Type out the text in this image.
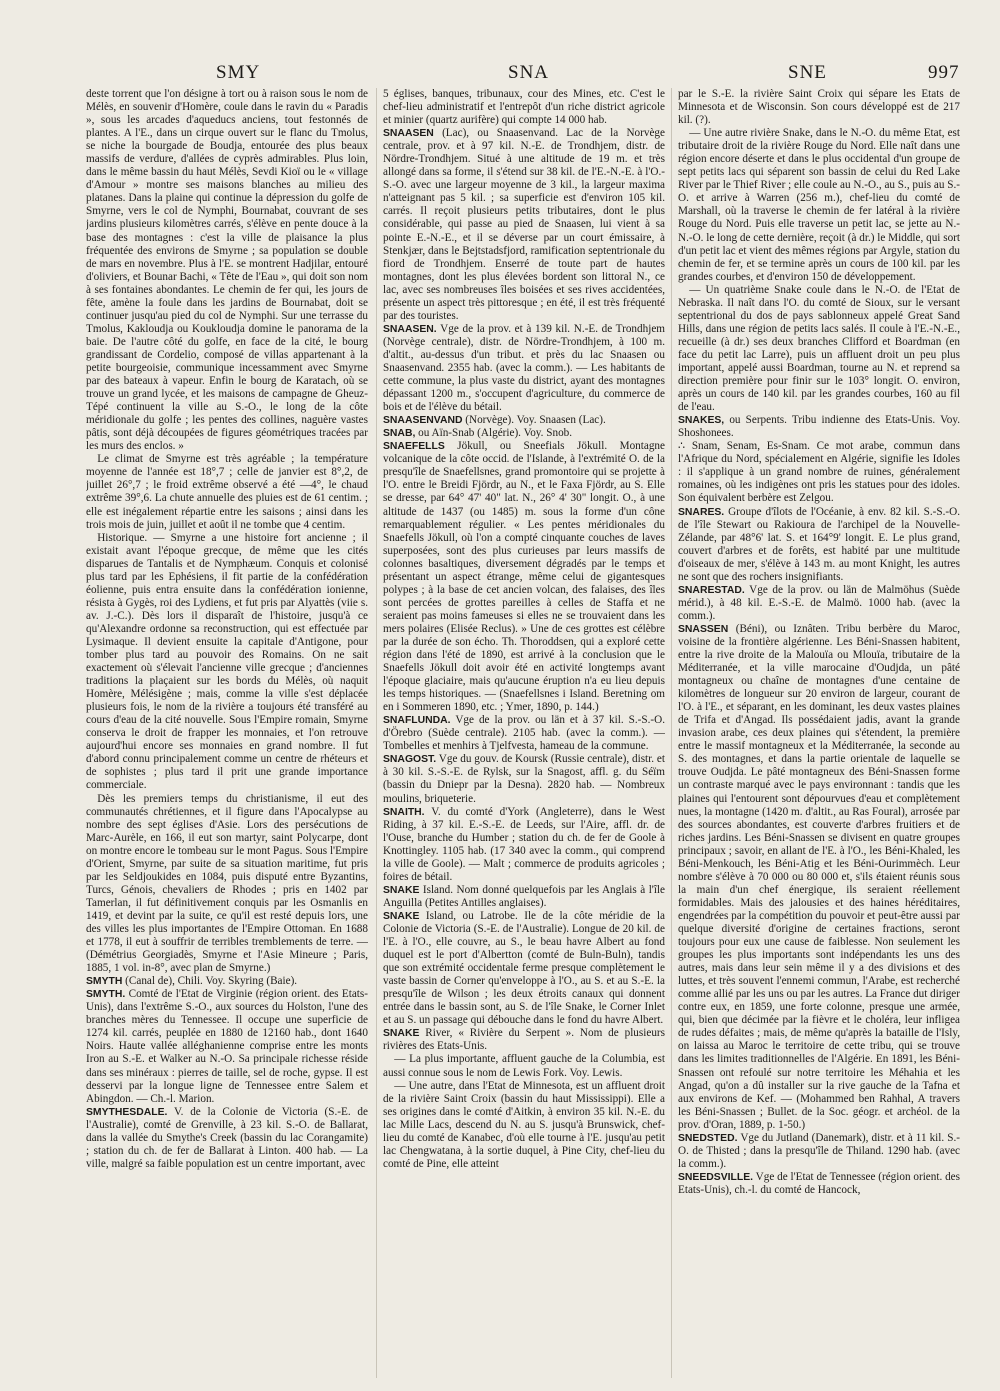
SMY	SNA	SNE	997

deste torrent que l'on désigne à tort ou à raison sous le nom de Mélès, en souvenir d'Homère, coule dans le ravin du « Paradis », sous les arcades d'aqueducs anciens, tout festonnés de plantes. A l'E., dans un cirque ouvert sur le flanc du Tmolus, se niche la bourgade de Boudja, entourée des plus beaux massifs de verdure, d'allées de cyprès admirables. Plus loin, dans le même bassin du haut Mélès, Sevdi Kioï ou le « village d'Amour » montre ses maisons blanches au milieu des platanes. Dans la plaine qui continue la dépression du golfe de Smyrne, vers le col de Nymphi, Bournabat, couvrant de ses jardins plusieurs kilomètres carrés, s'élève en pente douce à la base des montagnes : c'est la ville de plaisance la plus fréquentée des environs de Smyrne ; sa population se double de mars en novembre. Plus à l'E. se montrent Hadjilar, entouré d'oliviers, et Bounar Bachi, « Tête de l'Eau », qui doit son nom à ses fontaines abondantes. Le chemin de fer qui, les jours de fête, amène la foule dans les jardins de Bournabat, doit se continuer jusqu'au pied du col de Nymphi. Sur une terrasse du Tmolus, Kakloudja ou Koukloudja domine le panorama de la baie. De l'autre côté du golfe, en face de la cité, le bourg grandissant de Cordelio, composé de villas appartenant à la petite bourgeoisie, communique incessamment avec Smyrne par des bateaux à vapeur. Enfin le bourg de Karatach, où se trouve un grand lycée, et les maisons de campagne de Gheuz-Tépé continuent la ville au S.-O., le long de la côte méridionale du golfe ; les pentes des collines, naguère vastes pâtis, sont déjà découpées de figures géométriques tracées par les murs des enclos. »

Le climat de Smyrne est très agréable ; la température moyenne de l'année est 18°,7 ; celle de janvier est 8°,2, de juillet 26°,7 ; le froid extrême observé a été —4°, le chaud extrême 39°,6. La chute annuelle des pluies est de 61 centim. ; elle est inégalement répartie entre les saisons ; ainsi dans les trois mois de juin, juillet et août il ne tombe que 4 centim.

Historique. — Smyrne a une histoire fort ancienne ; il existait avant l'époque grecque, de même que les cités disparues de Tantalis et de Nymphæum. Conquis et colonisé plus tard par les Ephésiens, il fit partie de la confédération éolienne, puis entra ensuite dans la confédération ionienne, résista à Gygès, roi des Lydiens, et fut pris par Alyattès (viie s. av. J.-C.). Dès lors il disparaît de l'histoire, jusqu'à ce qu'Alexandre ordonne sa reconstruction, qui est effectuée par Lysimaque. Il devient ensuite la capitale d'Antigone, pour tomber plus tard au pouvoir des Romains. On ne sait exactement où s'élevait l'ancienne ville grecque ; d'anciennes traditions la plaçaient sur les bords du Mélès, où naquit Homère, Mélésigène ; mais, comme la ville s'est déplacée plusieurs fois, le nom de la rivière a toujours été transféré au cours d'eau de la cité nouvelle. Sous l'Empire romain, Smyrne conserva le droit de frapper les monnaies, et l'on retrouve aujourd'hui encore ses monnaies en grand nombre. Il fut d'abord connu principalement comme un centre de rhéteurs et de sophistes ; plus tard il prit une grande importance commerciale.

Dès les premiers temps du christianisme, il eut des communautés chrétiennes, et il figure dans l'Apocalypse au nombre des sept églises d'Asie. Lors des persécutions de Marc-Aurèle, en 166, il eut son martyr, saint Polycarpe, dont on montre encore le tombeau sur le mont Pagus. Sous l'Empire d'Orient, Smyrne, par suite de sa situation maritime, fut pris par les Seldjoukides en 1084, puis disputé entre Byzantins, Turcs, Génois, chevaliers de Rhodes ; pris en 1402 par Tamerlan, il fut définitivement conquis par les Osmanlis en 1419, et devint par la suite, ce qu'il est resté depuis lors, une des villes les plus importantes de l'Empire Ottoman. En 1688 et 1778, il eut à souffrir de terribles tremblements de terre. — (Démétrius Georgiadès, Smyrne et l'Asie Mineure ; Paris, 1885, 1 vol. in-8°, avec plan de Smyrne.)

SMYTH (Canal de), Chili. Voy. Skyring (Baie).

SMYTH. Comté de l'Etat de Virginie (région orient. des Etats-Unis), dans l'extrême S.-O., aux sources du Holston, l'une des branches mères du Tennessee. Il occupe une superficie de 1274 kil. carrés, peuplée en 1880 de 12160 hab., dont 1640 Noirs. Haute vallée alléghanienne comprise entre les monts Iron au S.-E. et Walker au N.-O. Sa principale richesse réside dans ses minéraux : pierres de taille, sel de roche, gypse. Il est desservi par la longue ligne de Tennessee entre Salem et Abingdon. — Ch.-l. Marion.

SMYTHESDALE. V. de la Colonie de Victoria (S.-E. de l'Australie), comté de Grenville, à 23 kil. S.-O. de Ballarat, dans la vallée du Smythe's Creek (bassin du lac Corangamite) ; station du ch. de fer de Ballarat à Linton. 400 hab. — La ville, malgré sa faible population est un centre important, avec

5 églises, banques, tribunaux, cour des Mines, etc. C'est le chef-lieu administratif et l'entrepôt d'un riche district agricole et minier (quartz aurifère) qui compte 14 000 hab.

SNAASEN (Lac), ou Snaasenvand. Lac de la Norvège centrale, prov. et à 97 kil. N.-E. de Trondhjem, distr. de Nördre-Trondhjem. Situé à une altitude de 19 m. et très allongé dans sa forme, il s'étend sur 38 kil. de l'E.-N.-E. à l'O.-S.-O. avec une largeur moyenne de 3 kil., la largeur maxima n'atteignant pas 5 kil. ; sa superficie est d'environ 105 kil. carrés. Il reçoit plusieurs petits tributaires, dont le plus considérable, qui passe au pied de Snaasen, lui vient à sa pointe E.-N.-E., et il se déverse par un court émissaire, à Stenkjær, dans le Bejtstadsfjord, ramification septentrionale du fiord de Trondhjem. Enserré de toute part de hautes montagnes, dont les plus élevées bordent son littoral N., ce lac, avec ses nombreuses îles boisées et ses rives accidentées, présente un aspect très pittoresque ; en été, il est très fréquenté par des touristes.

SNAASEN. Vge de la prov. et à 139 kil. N.-E. de Trondhjem (Norvège centrale), distr. de Nördre-Trondhjem, à 100 m. d'altit., au-dessus d'un tribut. et près du lac Snaasen ou Snaasenvand. 2355 hab. (avec la comm.). — Les habitants de cette commune, la plus vaste du district, ayant des montagnes dépassant 1200 m., s'occupent d'agriculture, du commerce de bois et de l'élève du bétail.

SNAASENVAND (Norvège). Voy. Snaasen (Lac).

SNAB, ou Aïn-Snab (Algérie). Voy. Snob.

SNAEFELLS Jökull, ou Sneefials Jökull. Montagne volcanique de la côte occid. de l'Islande, à l'extrémité O. de la presqu'île de Snaefellsnes, grand promontoire qui se projette à l'O. entre le Breidi Fjördr, au N., et le Faxa Fjördr, au S. Elle se dresse, par 64° 47' 40" lat. N., 26° 4' 30" longit. O., à une altitude de 1437 (ou 1485) m. sous la forme d'un cône remarquablement régulier. « Les pentes méridionales du Snaefells Jökull, où l'on a compté cinquante couches de laves superposées, sont des plus curieuses par leurs massifs de colonnes basaltiques, diversement dégradés par le temps et présentant un aspect étrange, même celui de gigantesques polypes ; à la base de cet ancien volcan, des falaises, des îles sont percées de grottes pareilles à celles de Staffa et ne seraient pas moins fameuses si elles ne se trouvaient dans les mers polaires (Elisée Reclus). » Une de ces grottes est célèbre par la durée de son écho. Th. Thoroddsen, qui a exploré cette région dans l'été de 1890, est arrivé à la conclusion que le Snaefells Jökull doit avoir été en activité longtemps avant l'époque glaciaire, mais qu'aucune éruption n'a eu lieu depuis les temps historiques. — (Snaefellsnes i Island. Beretning om en i Sommeren 1890, etc. ; Ymer, 1890, p. 144.)

SNAFLUNDA. Vge de la prov. ou län et à 37 kil. S.-S.-O. d'Örebro (Suède centrale). 2105 hab. (avec la comm.). — Tombelles et menhirs à Tjelfvesta, hameau de la commune.

SNAGOST. Vge du gouv. de Koursk (Russie centrale), distr. et à 30 kil. S.-S.-E. de Rylsk, sur la Snagost, affl. g. du Séïm (bassin du Dniepr par la Desna). 2820 hab. — Nombreux moulins, briqueterie.

SNAITH. V. du comté d'York (Angleterre), dans le West Riding, à 37 kil. E.-S.-E. de Leeds, sur l'Aire, affl. dr. de l'Ouse, branche du Humber ; station du ch. de fer de Goole à Knottingley. 1105 hab. (17 340 avec la comm., qui comprend la ville de Goole). — Malt ; commerce de produits agricoles ; foires de bétail.

SNAKE Island. Nom donné quelquefois par les Anglais à l'île Anguilla (Petites Antilles anglaises).

SNAKE Island, ou Latrobe. Ile de la côte méridie de la Colonie de Victoria (S.-E. de l'Australie). Longue de 20 kil. de l'E. à l'O., elle couvre, au S., le beau havre Albert au fond duquel est le port d'Albertton (comté de Buln-Buln), tandis que son extrémité occidentale ferme presque complètement le vaste bassin de Corner qu'enveloppe à l'O., au S. et au S.-E. la presqu'île de Wilson ; les deux étroits canaux qui donnent entrée dans le bassin sont, au S. de l'île Snake, le Corner Inlet et au S. un passage qui débouche dans le fond du havre Albert.

SNAKE River, « Rivière du Serpent ». Nom de plusieurs rivières des Etats-Unis.

— La plus importante, affluent gauche de la Columbia, est aussi connue sous le nom de Lewis Fork. Voy. Lewis.

— Une autre, dans l'Etat de Minnesota, est un affluent droit de la rivière Saint Croix (bassin du haut Mississippi). Elle a ses origines dans le comté d'Aitkin, à environ 35 kil. N.-E. du lac Mille Lacs, descend du N. au S. jusqu'à Brunswick, chef-lieu du comté de Kanabec, d'où elle tourne à l'E. jusqu'au petit lac Chengwatana, à la sortie duquel, à Pine City, chef-lieu du comté de Pine, elle atteint

par le S.-E. la rivière Saint Croix qui sépare les Etats de Minnesota et de Wisconsin. Son cours développé est de 217 kil. (?).

— Une autre rivière Snake, dans le N.-O. du même Etat, est tributaire droit de la rivière Rouge du Nord. Elle naît dans une région encore déserte et dans le plus occidental d'un groupe de sept petits lacs qui séparent son bassin de celui du Red Lake River par le Thief River ; elle coule au N.-O., au S., puis au S.-O. et arrive à Warren (256 m.), chef-lieu du comté de Marshall, où la traverse le chemin de fer latéral à la rivière Rouge du Nord. Puis elle traverse un petit lac, se jette au N.-N.-O. le long de cette dernière, reçoit (à dr.) le Middle, qui sort d'un petit lac et vient des mêmes régions par Argyle, station du chemin de fer, et se termine après un cours de 100 kil. par les grandes courbes, et d'environ 150 de développement.

— Un quatrième Snake coule dans le N.-O. de l'Etat de Nebraska. Il naît dans l'O. du comté de Sioux, sur le versant septentrional du dos de pays sablonneux appelé Great Sand Hills, dans une région de petits lacs salés. Il coule à l'E.-N.-E., recueille (à dr.) ses deux branches Clifford et Boardman (en face du petit lac Larre), puis un affluent droit un peu plus important, appelé aussi Boardman, tourne au N. et reprend sa direction première pour finir sur le 103° longit. O. environ, après un cours de 140 kil. par les grandes courbes, 160 au fil de l'eau.

SNAKES, ou Serpents. Tribu indienne des Etats-Unis. Voy. Shoshonees.

∴ Snam, Senam, Es-Snam. Ce mot arabe, commun dans l'Afrique du Nord, spécialement en Algérie, signifie les Idoles : il s'applique à un grand nombre de ruines, généralement romaines, où les indigènes ont pris les statues pour des idoles. Son équivalent berbère est Zelgou.

SNARES. Groupe d'îlots de l'Océanie, à env. 82 kil. S.-S.-O. de l'île Stewart ou Rakioura de l'archipel de la Nouvelle-Zélande, par 48°6' lat. S. et 164°9' longit. E. Le plus grand, couvert d'arbres et de forêts, est habité par une multitude d'oiseaux de mer, s'élève à 143 m. au mont Knight, les autres ne sont que des rochers insignifiants.

SNARESTAD. Vge de la prov. ou län de Malmöhus (Suède mérid.), à 48 kil. E.-S.-E. de Malmö. 1000 hab. (avec la comm.).

SNASSEN (Béni), ou Iznâten. Tribu berbère du Maroc, voisine de la frontière algérienne. Les Béni-Snassen habitent, entre la rive droite de la Malouïa ou Mlouïa, tributaire de la Méditerranée, et la ville marocaine d'Oudjda, un pâté montagneux ou chaîne de montagnes d'une centaine de kilomètres de longueur sur 20 environ de largeur, courant de l'O. à l'E., et séparant, en les dominant, les deux vastes plaines de Trifa et d'Angad. Ils possédaient jadis, avant la grande invasion arabe, ces deux plaines qui s'étendent, la première entre le massif montagneux et la Méditerranée, la seconde au S. des montagnes, et dans la partie orientale de laquelle se trouve Oudjda. Le pâté montagneux des Béni-Snassen forme un contraste marqué avec le pays environnant : tandis que les plaines qui l'entourent sont dépourvues d'eau et complètement nues, la montagne (1420 m. d'altit., au Ras Foural), arrosée par des sources abondantes, est couverte d'arbres fruitiers et de riches jardins. Les Béni-Snassen se divisent en quatre groupes principaux ; savoir, en allant de l'E. à l'O., les Béni-Khaled, les Béni-Menkouch, les Béni-Atig et les Béni-Ourimmèch. Leur nombre s'élève à 70 000 ou 80 000 et, s'ils étaient réunis sous la main d'un chef énergique, ils seraient réellement formidables. Mais des jalousies et des haines héréditaires, engendrées par la compétition du pouvoir et peut-être aussi par quelque diversité d'origine de certaines fractions, seront toujours pour eux une cause de faiblesse. Non seulement les groupes les plus importants sont indépendants les uns des autres, mais dans leur sein même il y a des divisions et des luttes, et très souvent l'ennemi commun, l'Arabe, est recherché comme allié par les uns ou par les autres. La France dut diriger contre eux, en 1859, une forte colonne, presque une armée, qui, bien que décimée par la fièvre et le choléra, leur infligea de rudes défaites ; mais, de même qu'après la bataille de l'Isly, on laissa au Maroc le territoire de cette tribu, qui se trouve dans les limites traditionnelles de l'Algérie. En 1891, les Béni-Snassen ont refoulé sur notre territoire les Méhahia et les Angad, qu'on a dû installer sur la rive gauche de la Tafna et aux environs de Kef. — (Mohammed ben Rahhal, A travers les Béni-Snassen ; Bullet. de la Soc. géogr. et archéol. de la prov. d'Oran, 1889, p. 1-50.)

SNEDSTED. Vge du Jutland (Danemark), distr. et à 11 kil. S.-O. de Thisted ; dans la presqu'île de Thiland. 1290 hab. (avec la comm.).

SNEEDSVILLE. Vge de l'Etat de Tennessee (région orient. des Etats-Unis), ch.-l. du comté de Hancock,
